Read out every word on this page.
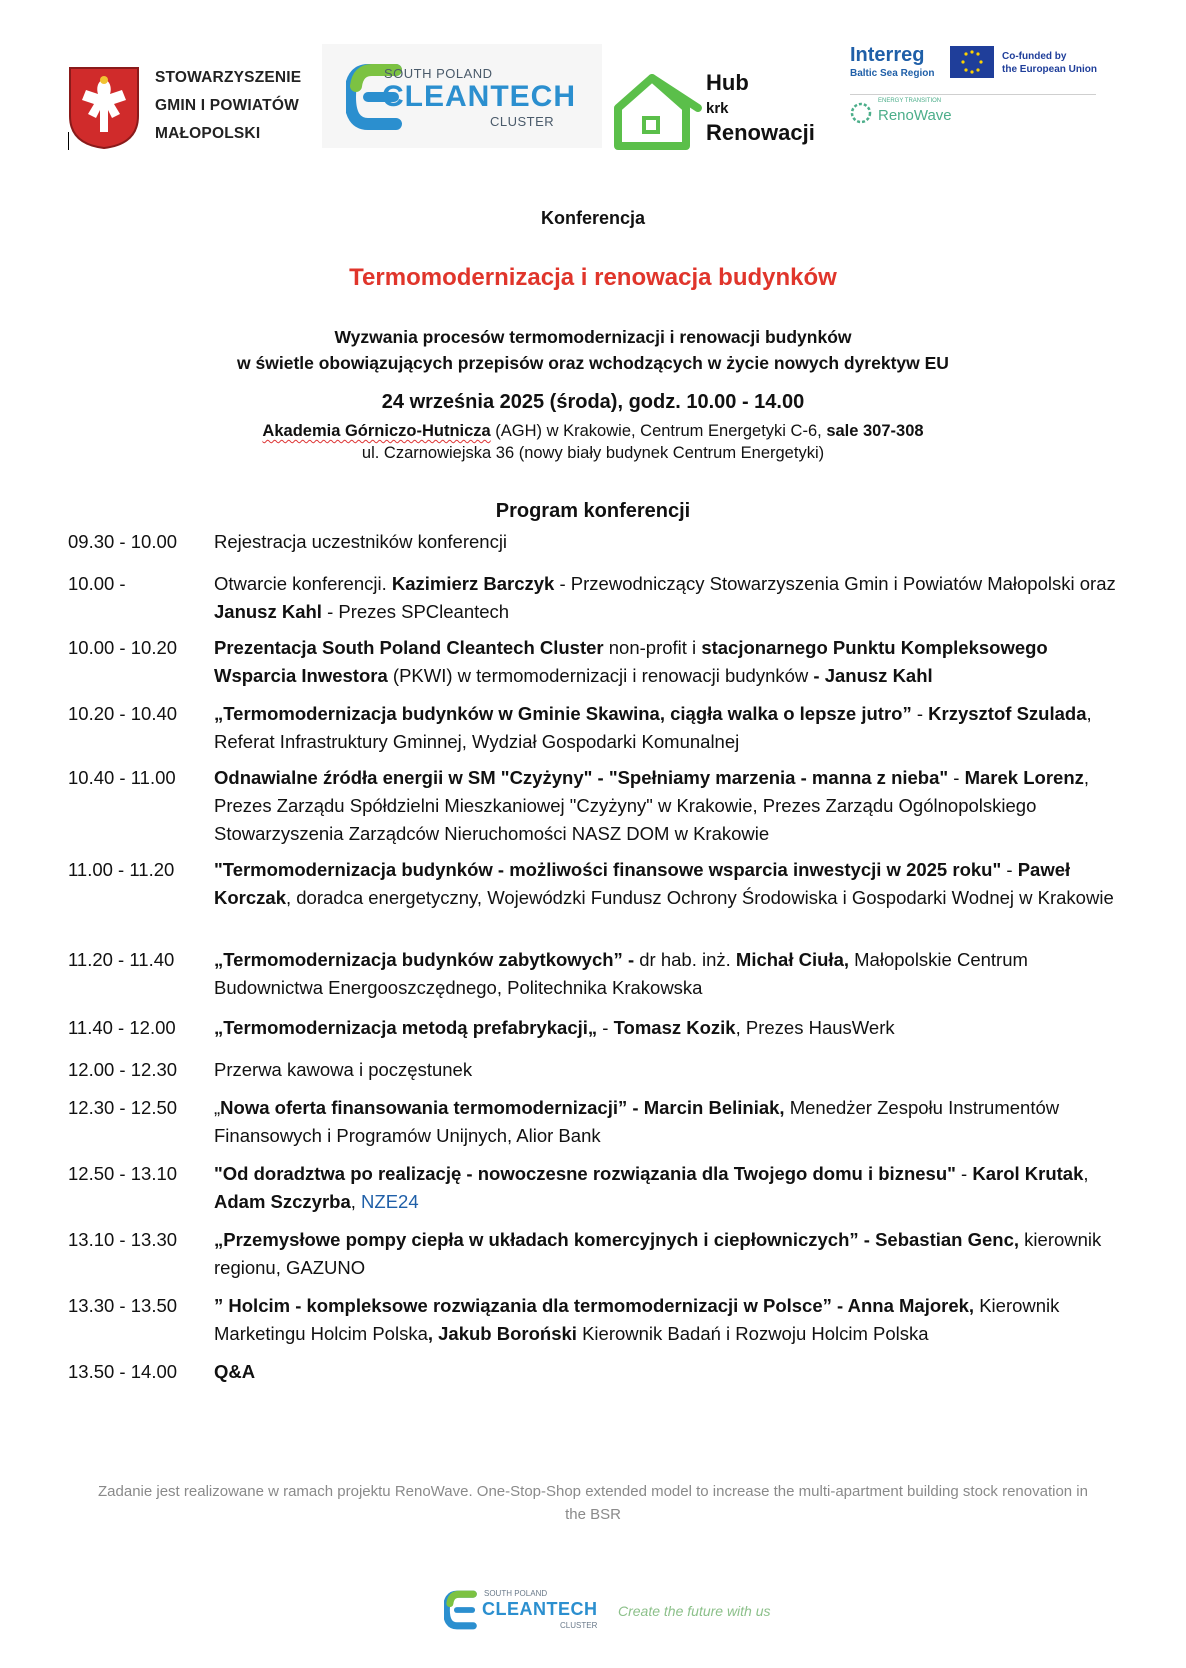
STOWARZYSZENIE
GMIN I POWIATÓW
MAŁOPOLSKI
SOUTH POLAND
CLEANTECH
CLUSTER
Hub
krk
Renowacji
Interreg
Baltic Sea Region
Co-funded by
the European Union
ENERGY TRANSITION
RenoWave
Konferencja
Termomodernizacja i renowacja budynków
Wyzwania procesów termomodernizacji i renowacji budynków
w świetle obowiązujących przepisów oraz wchodzących w życie nowych dyrektyw EU
24 września 2025 (środa), godz. 10.00 - 14.00
Akademia Górniczo-Hutnicza (AGH) w Krakowie, Centrum Energetyki C-6, sale 307-308
ul. Czarnowiejska 36 (nowy biały budynek Centrum Energetyki)
Program konferencji
09.30 - 10.00	Rejestracja uczestników konferencji
10.00 -	Otwarcie konferencji. Kazimierz Barczyk - Przewodniczący Stowarzyszenia Gmin i Powiatów Małopolski oraz Janusz Kahl - Prezes SPCleantech
10.00 - 10.20	Prezentacja South Poland Cleantech Cluster non-profit i stacjonarnego Punktu Kompleksowego Wsparcia Inwestora (PKWI) w termomodernizacji i renowacji budynków - Janusz Kahl
10.20 - 10.40	„Termomodernizacja budynków w Gminie Skawina, ciągła walka o lepsze jutro” - Krzysztof Szulada, Referat Infrastruktury Gminnej, Wydział Gospodarki Komunalnej
10.40 - 11.00	Odnawialne źródła energii w SM "Czyżyny" - "Spełniamy marzenia - manna z nieba" - Marek Lorenz, Prezes Zarządu Spółdzielni Mieszkaniowej "Czyżyny" w Krakowie, Prezes Zarządu Ogólnopolskiego Stowarzyszenia Zarządców Nieruchomości NASZ DOM w Krakowie
11.00 - 11.20	"Termomodernizacja budynków - możliwości finansowe wsparcia inwestycji w 2025 roku" - Paweł Korczak, doradca energetyczny, Wojewódzki Fundusz Ochrony Środowiska i Gospodarki Wodnej w Krakowie
11.20 - 11.40	„Termomodernizacja budynków zabytkowych” - dr hab. inż. Michał Ciuła, Małopolskie Centrum Budownictwa Energooszczędnego, Politechnika Krakowska
11.40 - 12.00	„Termomodernizacja metodą prefabrykacji„ - Tomasz Kozik, Prezes HausWerk
12.00 - 12.30	Przerwa kawowa i poczęstunek
12.30 - 12.50	„Nowa oferta finansowania termomodernizacji” - Marcin Beliniak, Menedżer Zespołu Instrumentów Finansowych i Programów Unijnych, Alior Bank
12.50 - 13.10	"Od doradztwa po realizację - nowoczesne rozwiązania dla Twojego domu i biznesu" - Karol Krutak, Adam Szczyrba, NZE24
13.10 - 13.30	„Przemysłowe pompy ciepła w układach komercyjnych i ciepłowniczych” - Sebastian Genc, kierownik regionu, GAZUNO
13.30 - 13.50	” Holcim - kompleksowe rozwiązania dla termomodernizacji w Polsce” - Anna Majorek, Kierownik Marketingu Holcim Polska, Jakub Boroński Kierownik Badań i Rozwoju Holcim Polska
13.50 - 14.00	Q&A
Zadanie jest realizowane w ramach projektu RenoWave. One-Stop-Shop extended model to increase the multi-apartment building stock renovation in the BSR
SOUTH POLAND
CLEANTECH
CLUSTER
Create the future with us
